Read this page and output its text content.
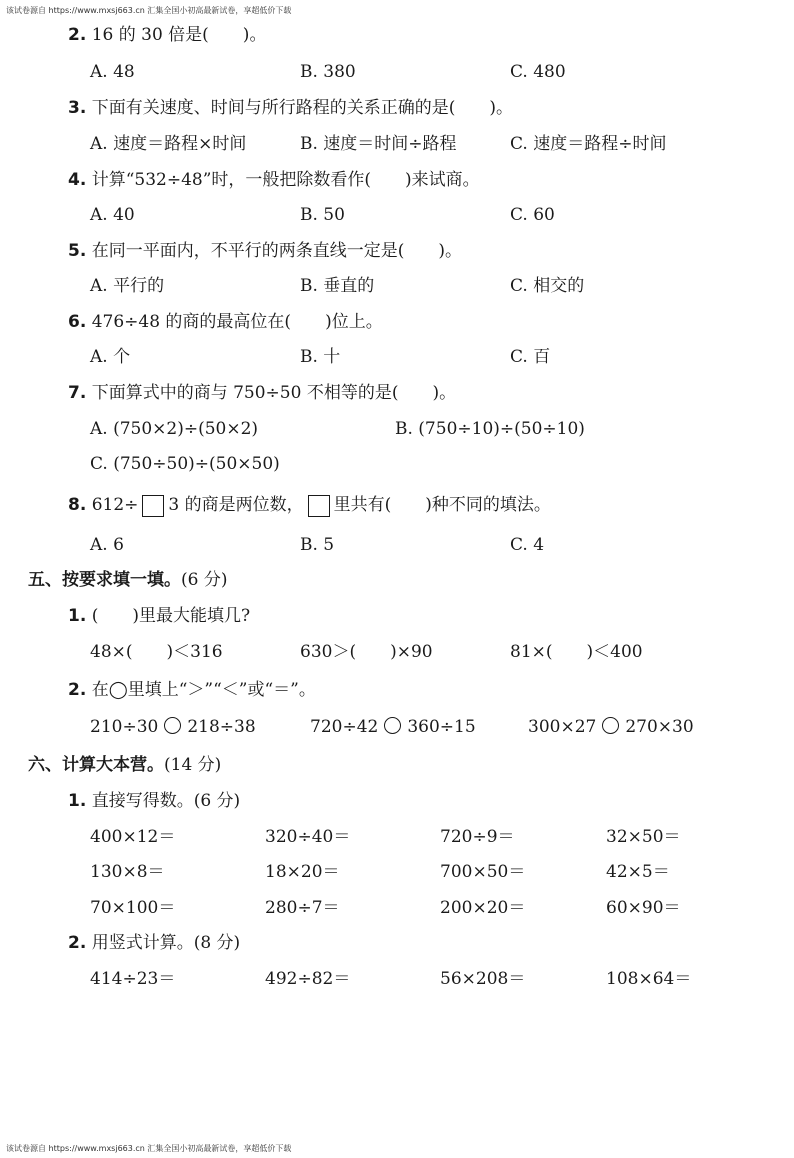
该试卷源自 https://www.mxsj663.cn 汇集全国小初高最新试卷，享超低价下载
2. 16 的 30 倍是(　　)。
A. 48	B. 380	C. 480
3. 下面有关速度、时间与所行路程的关系正确的是(　　)。
A. 速度＝路程×时间	B. 速度＝时间÷路程	C. 速度＝路程÷时间
4. 计算“532÷48”时，一般把除数看作(　　)来试商。
A. 40	B. 50	C. 60
5. 在同一平面内，不平行的两条直线一定是(　　)。
A. 平行的	B. 垂直的	C. 相交的
6. 476÷48 的商的最高位在(　　)位上。
A. 个	B. 十	C. 百
7. 下面算式中的商与 750÷50 不相等的是(　　)。
A. (750×2)÷(50×2)	B. (750÷10)÷(50÷10)
C. (750÷50)÷(50×50)
8. 612÷ 3 的商是两位数， 里共有(　　)种不同的填法。
A. 6	B. 5	C. 4
五、按要求填一填。(6 分)
1. (　　)里最大能填几?
48×(　　)＜316	630＞(　　)×90	81×(　　)＜400
2. 在◯里填上“＞”“＜”或“＝”。
210÷30 218÷38	720÷42 360÷15	300×27 270×30
六、计算大本营。(14 分)
1. 直接写得数。(6 分)
400×12＝	320÷40＝	720÷9＝	32×50＝
130×8＝	18×20＝	700×50＝	42×5＝
70×100＝	280÷7＝	200×20＝	60×90＝
2. 用竖式计算。(8 分)
414÷23＝	492÷82＝	56×208＝	108×64＝
该试卷源自 https://www.mxsj663.cn 汇集全国小初高最新试卷，享超低价下载
